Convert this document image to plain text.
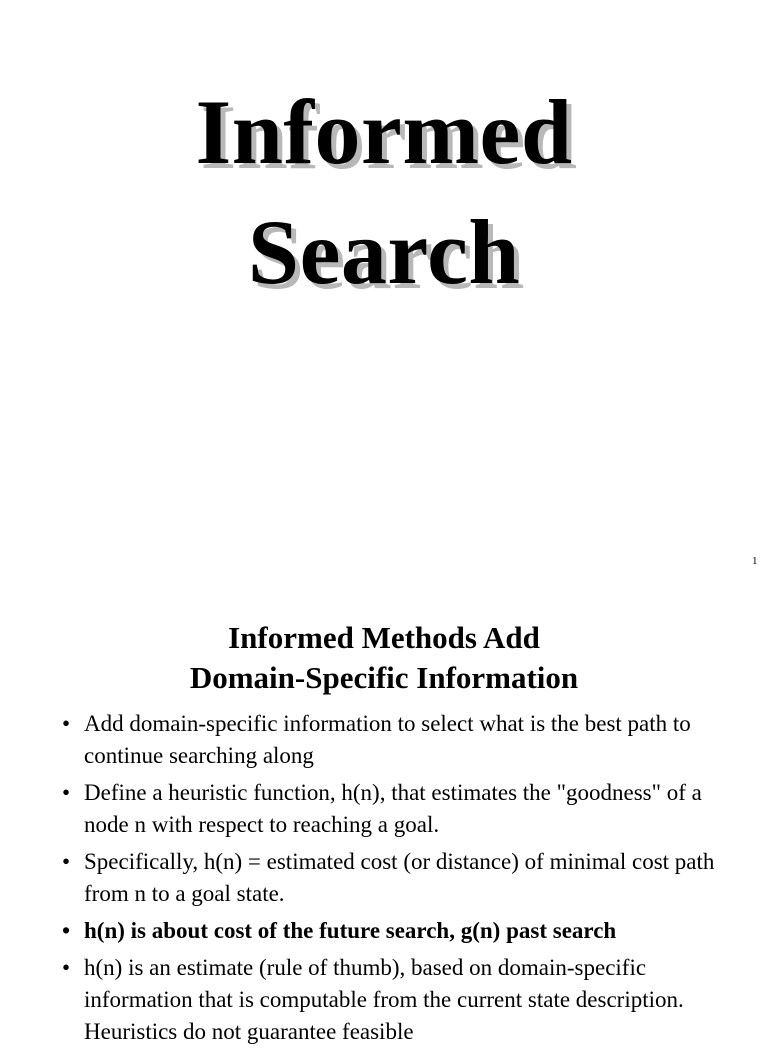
Informed
Search
1
Informed Methods Add
Domain-Specific Information
• Add domain-specific information to select what is the best path to continue searching along
• Define a heuristic function, h(n), that estimates the "goodness" of a node n with respect to reaching a goal.
• Specifically, h(n) = estimated cost (or distance) of minimal cost path from n to a goal state.
• h(n) is about cost of the future search, g(n) past search
• h(n) is an estimate (rule of thumb), based on domain-specific information that is computable from the current state description. Heuristics do not guarantee feasible
